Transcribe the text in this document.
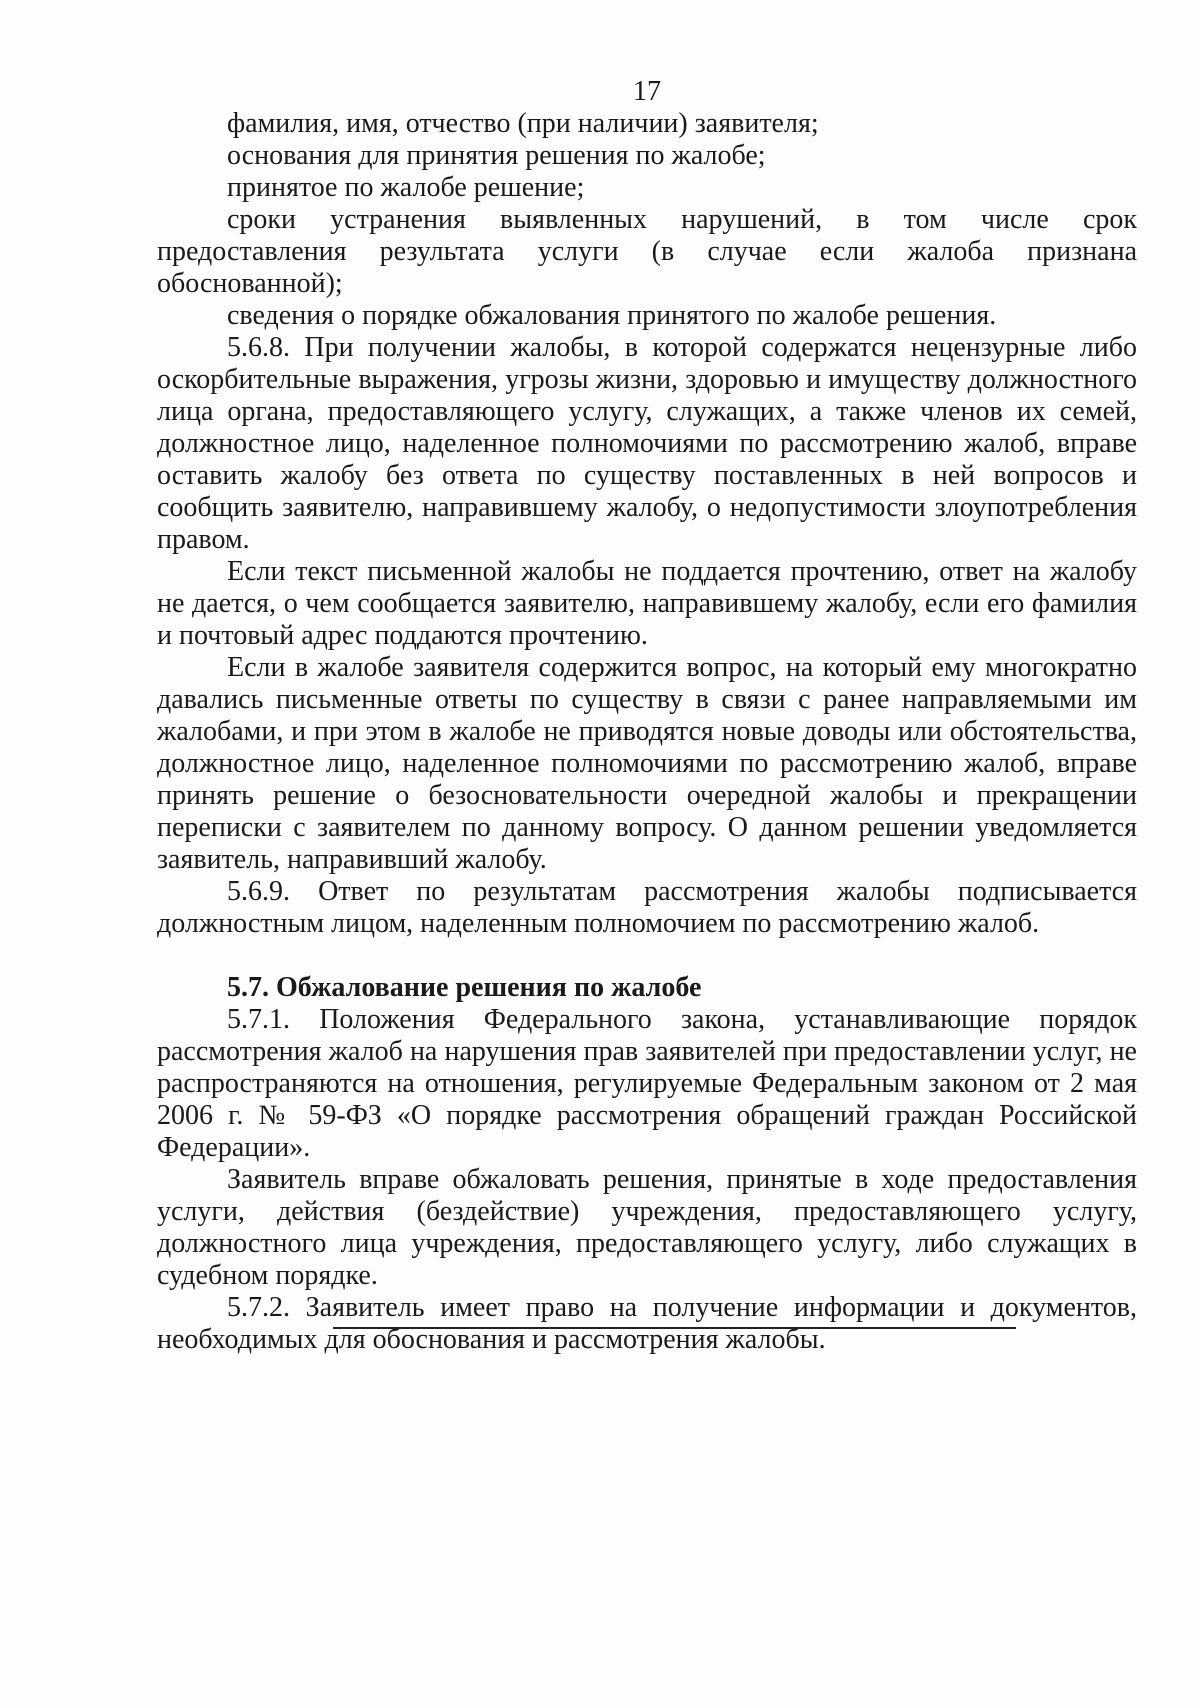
17

фамилия, имя, отчество (при наличии) заявителя;

основания для принятия решения по жалобе;

принятое по жалобе решение;

сроки устранения выявленных нарушений, в том числе срок предоставления результата услуги (в случае если жалоба признана обоснованной);

сведения о порядке обжалования принятого по жалобе решения.

5.6.8. При получении жалобы, в которой содержатся нецензурные либо оскорбительные выражения, угрозы жизни, здоровью и имуществу должностного лица органа, предоставляющего услугу, служащих, а также членов их семей, должностное лицо, наделенное полномочиями по рассмотрению жалоб, вправе оставить жалобу без ответа по существу поставленных в ней вопросов и сообщить заявителю, направившему жалобу, о недопустимости злоупотребления правом.

Если текст письменной жалобы не поддается прочтению, ответ на жалобу не дается, о чем сообщается заявителю, направившему жалобу, если его фамилия и почтовый адрес поддаются прочтению.

Если в жалобе заявителя содержится вопрос, на который ему многократно давались письменные ответы по существу в связи с ранее направляемыми им жалобами, и при этом в жалобе не приводятся новые доводы или обстоятельства, должностное лицо, наделенное полномочиями по рассмотрению жалоб, вправе принять решение о безосновательности очередной жалобы и прекращении переписки с заявителем по данному вопросу. О данном решении уведомляется заявитель, направивший жалобу.

5.6.9. Ответ по результатам рассмотрения жалобы подписывается должностным лицом, наделенным полномочием по рассмотрению жалоб.

5.7. Обжалование решения по жалобе

5.7.1. Положения Федерального закона, устанавливающие порядок рассмотрения жалоб на нарушения прав заявителей при предоставлении услуг, не распространяются на отношения, регулируемые Федеральным законом от 2 мая 2006 г. № 59-ФЗ «О порядке рассмотрения обращений граждан Российской Федерации».

Заявитель вправе обжаловать решения, принятые в ходе предоставления услуги, действия (бездействие) учреждения, предоставляющего услугу, должностного лица учреждения, предоставляющего услугу, либо служащих в судебном порядке.

5.7.2. Заявитель имеет право на получение информации и документов, необходимых для обоснования и рассмотрения жалобы.
